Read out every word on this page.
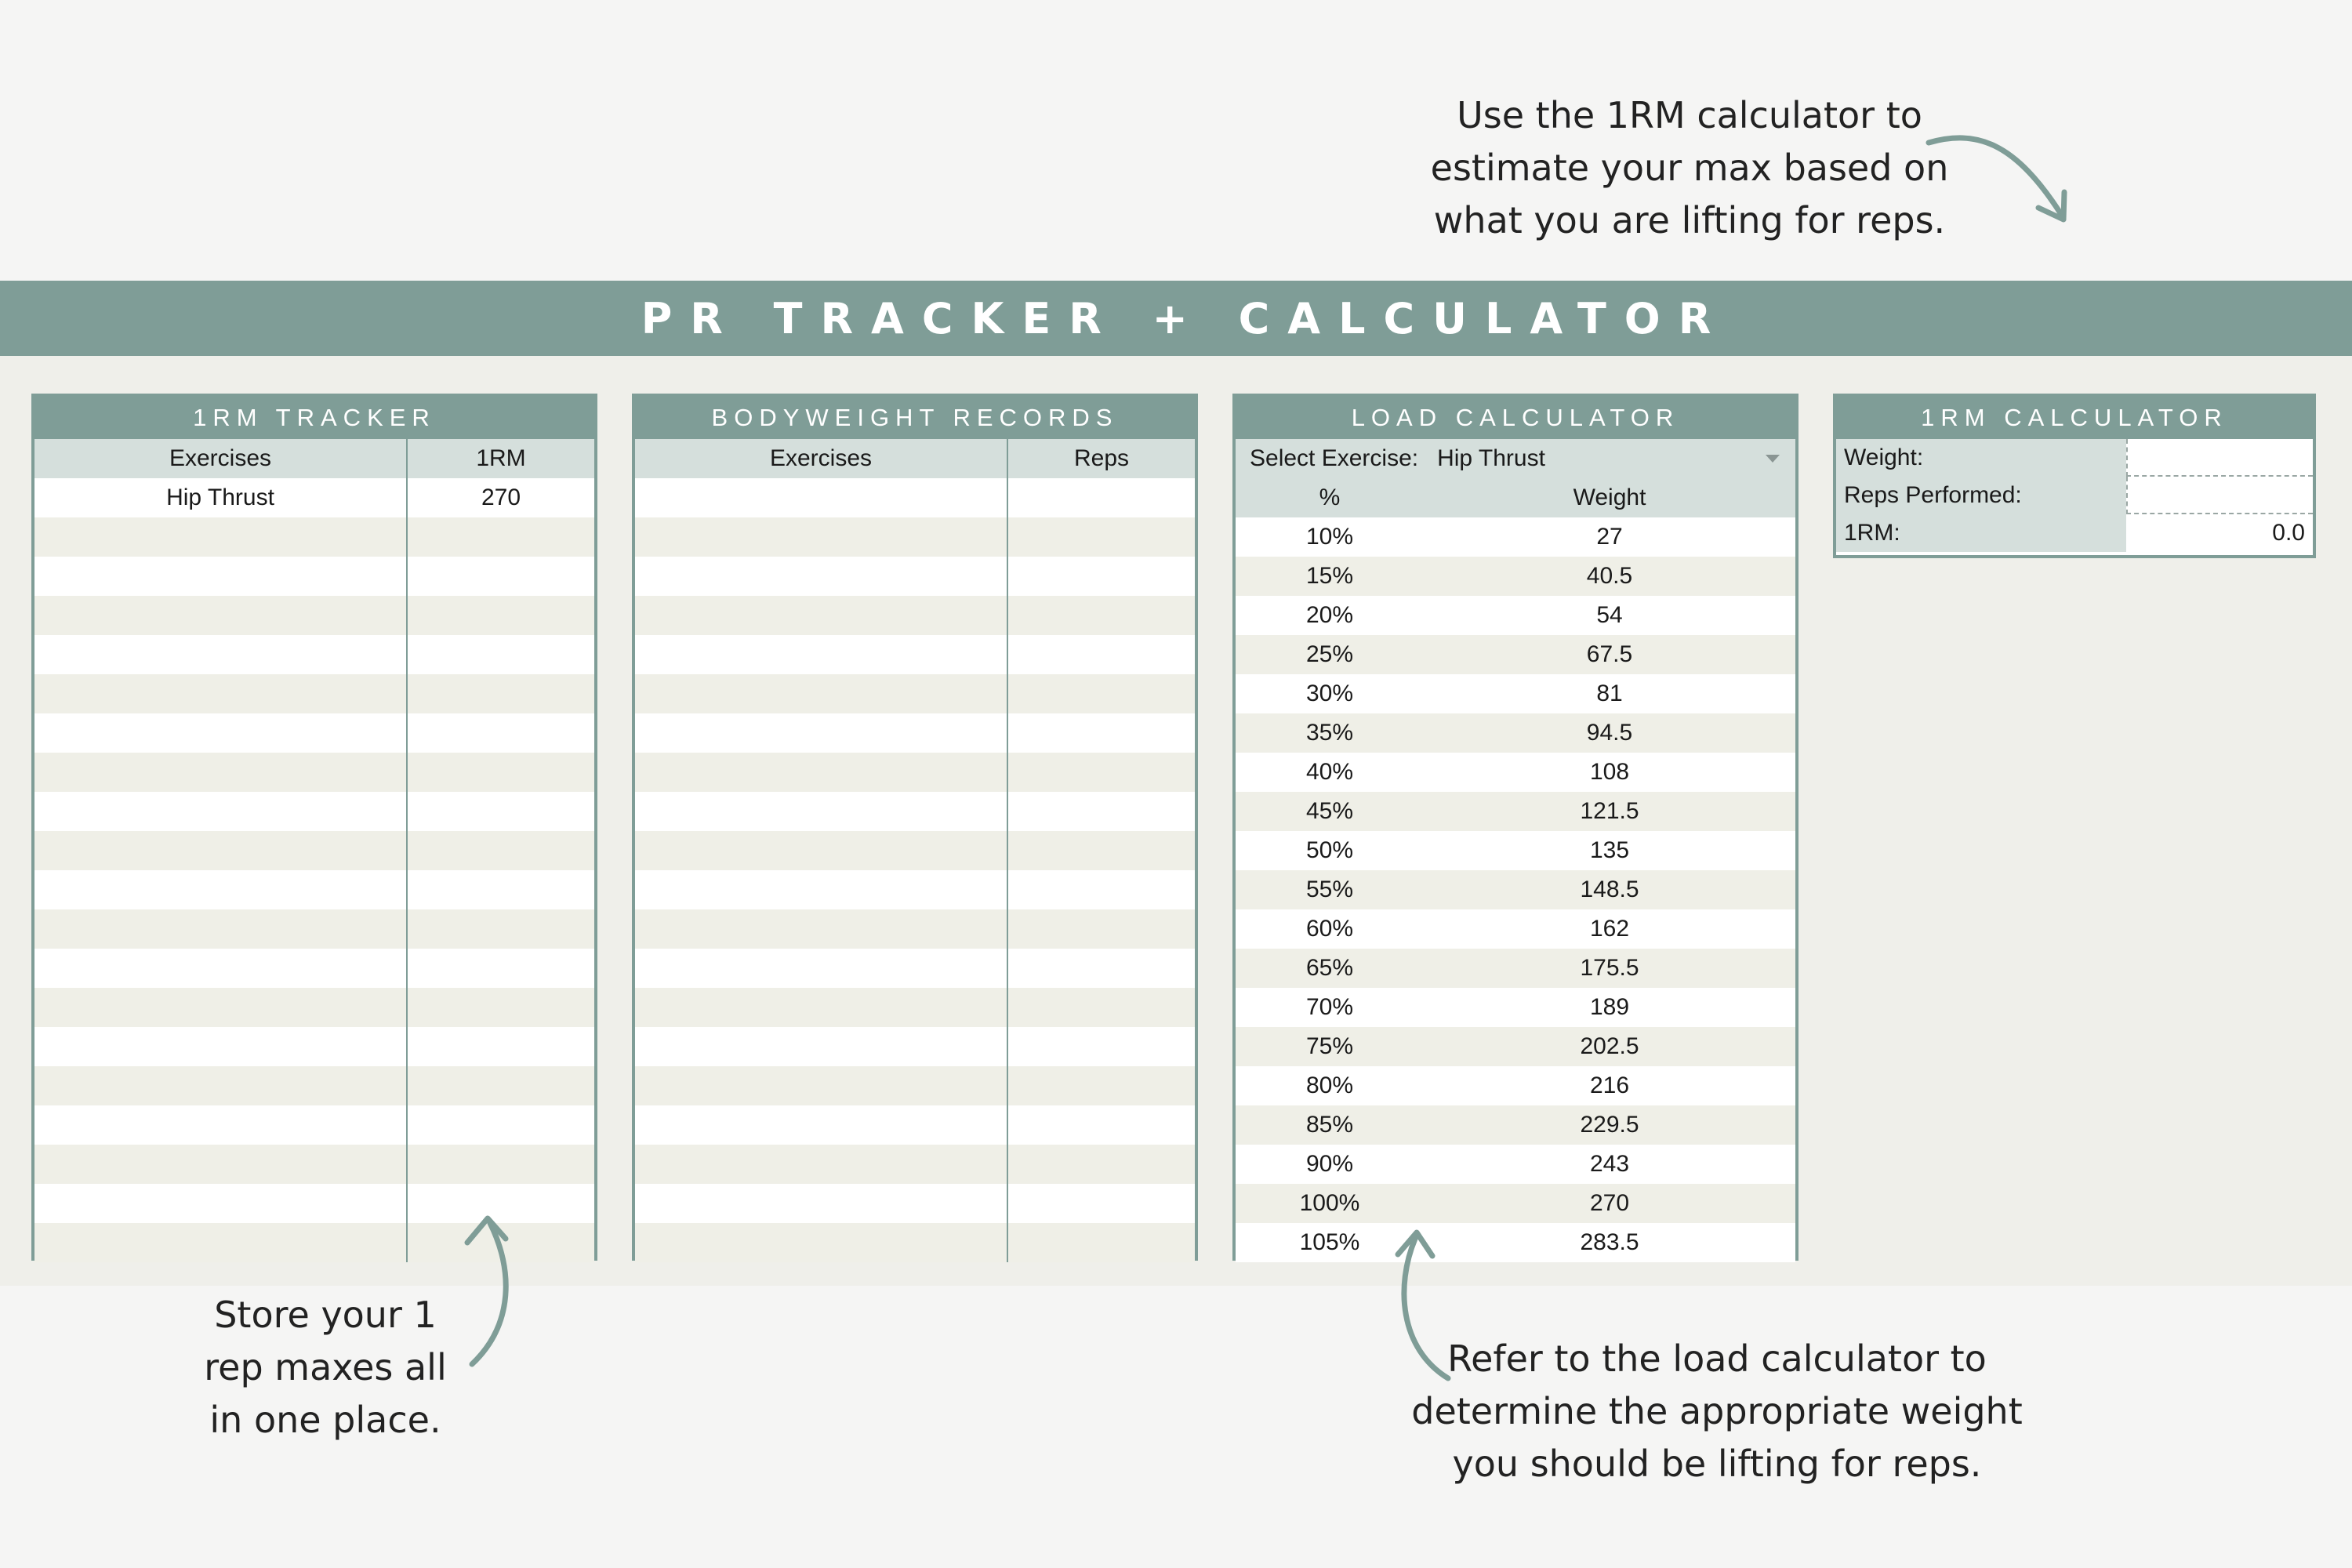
Use the 1RM calculator to
estimate your max based on
what you are lifting for reps.
PR TRACKER + CALCULATOR
1RM TRACKER
Exercises	1RM
Hip Thrust	270
BODYWEIGHT RECORDS
Exercises	Reps
LOAD CALCULATOR
Select Exercise: Hip Thrust
%	Weight
10%	27
15%	40.5
20%	54
25%	67.5
30%	81
35%	94.5
40%	108
45%	121.5
50%	135
55%	148.5
60%	162
65%	175.5
70%	189
75%	202.5
80%	216
85%	229.5
90%	243
100%	270
105%	283.5
1RM CALCULATOR
Weight:
Reps Performed:
1RM:	0.0
Store your 1
rep maxes all
in one place.
Refer to the load calculator to
determine the appropriate weight
you should be lifting for reps.
